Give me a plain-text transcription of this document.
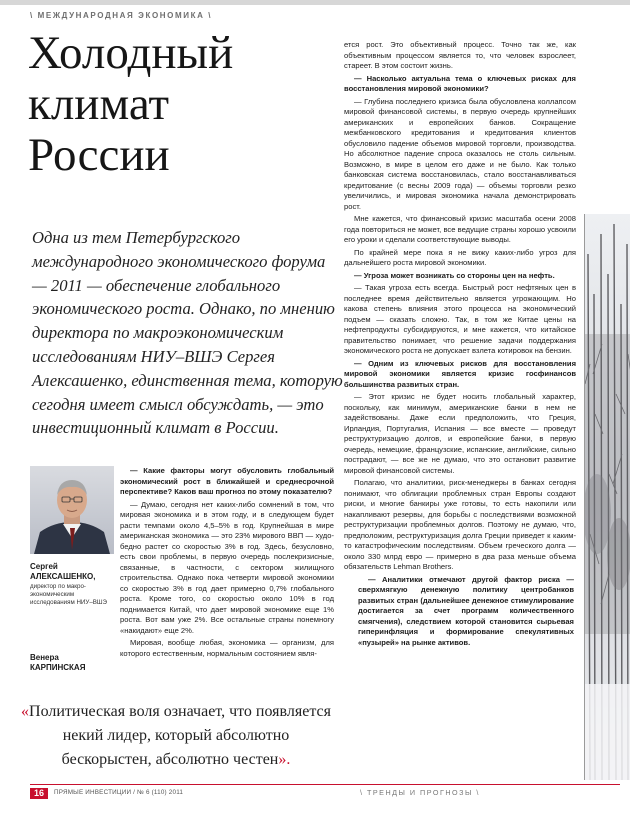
\ МЕЖДУНАРОДНАЯ ЭКОНОМИКА \
Холодный
климат
России
Одна из тем Петербургского международного экономического форума — 2011 — обеспечение глобального экономического роста. Однако, по мнению директора по макроэкономическим исследованиям НИУ–ВШЭ Сергея Алексашенко, единственная тема, которую сегодня имеет смысл обсуждать, — это инвестиционный климат в России.
Сергей
АЛЕКСАШЕНКО,
директор по макроэкономическим исследованиям НИУ–ВШЭ
Венера
КАРПИНСКАЯ

— Какие факторы могут обусловить глобальный экономический рост в ближайшей и среднесрочной перспективе? Каков ваш прогноз по этому показателю?

— Думаю, сегодня нет каких-либо сомнений в том, что мировая экономика и в этом году, и в следующем будет расти темпами около 4,5–5% в год. Крупнейшая в мире американская экономика — это 23% мирового ВВП — худо-бедно растет со скоростью 3% в год. Здесь, безусловно, есть свои проблемы, в первую очередь послекризисные, связанные, в частности, с сектором жилищного строительства. Однако пока четверти мировой экономики со скоростью 3% в год дает примерно 0,7% глобального роста. Кроме того, со скоростью около 10% в год поднимается Китай, что дает мировой экономике еще 1% роста. Вот вам уже 2%. Все остальные страны понемногу «накидают» еще 2%.

Мировая, вообще любая, экономика — организм, для которого естественным, нормальным состоянием явля-

ется рост. Это объективный процесс. Точно так же, как объективным процессом является то, что человек взрослеет, стареет. В этом состоит жизнь.

— Насколько актуальна тема о ключевых рисках для восстановления мировой экономики?

— Глубина последнего кризиса была обусловлена коллапсом мировой финансовой системы, в первую очередь крупнейших американских и европейских банков. Сокращение межбанковского кредитования и кредитования клиентов обусловило падение объемов мировой торговли, производства. Но абсолютное падение спроса оказалось не столь сильным. Возможно, в мире в целом его даже и не было. Как только банковская система восстановилась, стало восстанавливаться кредитование (с весны 2009 года) — объемы торговли резко увеличились, и мировая экономика начала демонстрировать рост.

Мне кажется, что финансовый кризис масштаба осени 2008 года повториться не может, все ведущие страны хорошо усвоили его уроки и сделали соответствующие выводы.

По крайней мере пока я не вижу каких-либо угроз для дальнейшего роста мировой экономики.

— Угроза может возникать со стороны цен на нефть.

— Такая угроза есть всегда. Быстрый рост нефтяных цен в последнее время действительно является угрожающим. Но какова степень влияния этого процесса на экономический подъем — сказать сложно. Так, в том же Китае цены на нефтепродукты субсидируются, и мне кажется, что китайское правительство понимает, что решение задачи поддержания экономического роста не допускает взлета котировок на бензин.

— Одним из ключевых рисков для восстановления мировой экономики является кризис госфинансов большинства развитых стран.

— Этот кризис не будет носить глобальный характер, поскольку, как минимум, американские банки в нем не задействованы. Даже если предположить, что Греция, Ирландия, Португалия, Испания — все вместе — проведут реструктуризацию долгов, и европейские банки, в первую очередь, немецкие, французские, испанские, английские, сильно пострадают, — все же не думаю, что это остановит развитие мировой финансовой системы.

Полагаю, что аналитики, риск-менеджеры в банках сегодня понимают, что облигации проблемных стран Европы создают риски, и многие банкиры уже готовы, то есть накопили или накапливают резервы, для борьбы с последствиями возможной реструктуризации проблемных долгов. Поэтому не думаю, что, предположим, реструктуризация долга Греции приведет к каким-то катастрофическим последствиям. Объем греческого долга — около 330 млрд евро — примерно в два раза меньше объема обязательств Lehman Brothers.

— Аналитики отмечают другой фактор риска — сверхмягкую денежную политику центробанков развитых стран (дальнейшее денежное стимулирование достигается за счет программ количественного смягчения), следствием которой становится сырьевая гиперинфляция и формирование спекулятивных «пузырей» на рынке активов.

«Политическая воля означает, что появляется некий лидер, который абсолютно бескорыстен, абсолютно честен».
16	ПРЯМЫЕ ИНВЕСТИЦИИ / № 6 (110) 2011	\ ТРЕНДЫ И ПРОГНОЗЫ \
